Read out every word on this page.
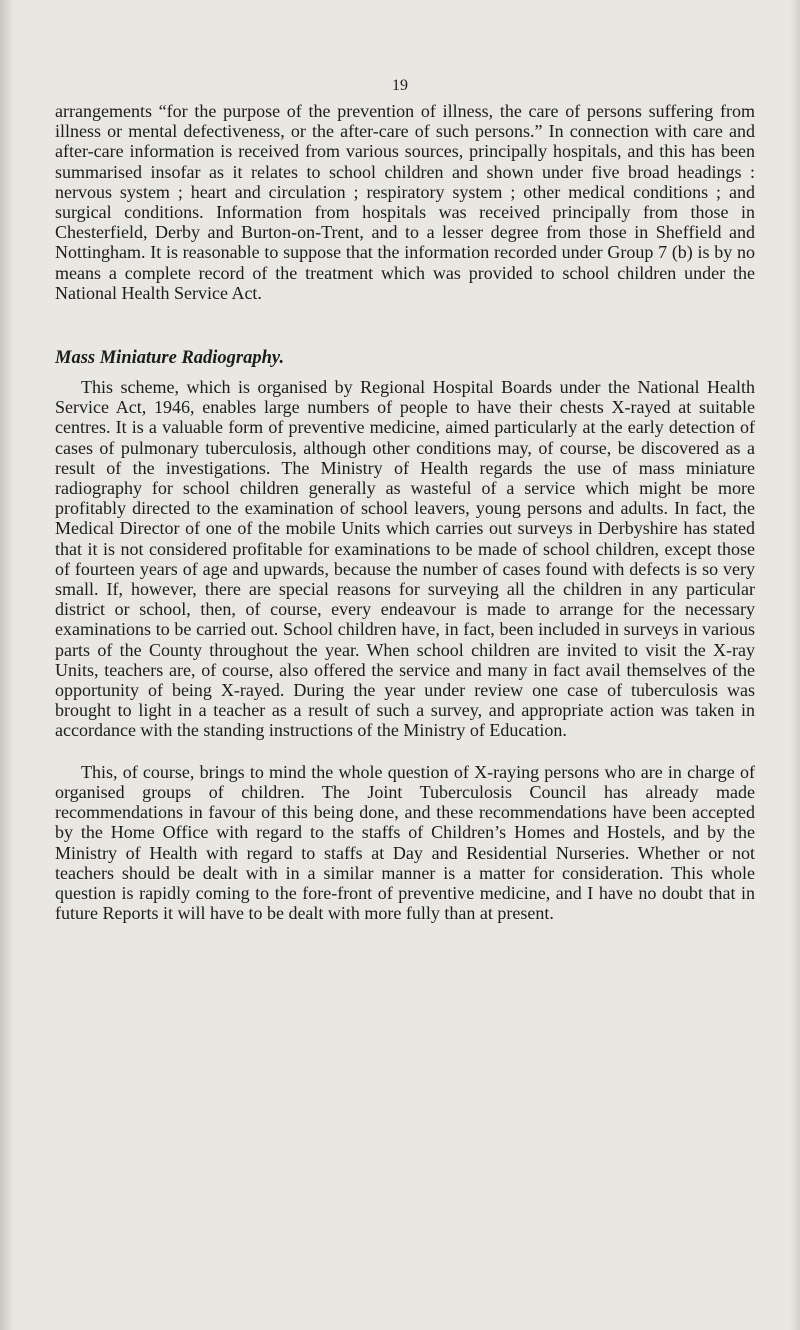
19

arrangements “for the purpose of the prevention of illness, the care of persons suffering from illness or mental defectiveness, or the after-care of such persons.” In connection with care and after-care information is received from various sources, principally hospitals, and this has been summarised insofar as it relates to school children and shown under five broad headings : nervous system ; heart and circulation ; respiratory system ; other medical conditions ; and surgical conditions. Information from hospitals was received principally from those in Chesterfield, Derby and Burton-on-Trent, and to a lesser degree from those in Sheffield and Nottingham. It is reasonable to suppose that the information recorded under Group 7 (b) is by no means a complete record of the treatment which was provided to school children under the National Health Service Act.

Mass Miniature Radiography.

This scheme, which is organised by Regional Hospital Boards under the National Health Service Act, 1946, enables large numbers of people to have their chests X-rayed at suitable centres. It is a valuable form of preventive medicine, aimed particularly at the early detection of cases of pulmonary tuberculosis, although other conditions may, of course, be discovered as a result of the investigations. The Ministry of Health regards the use of mass miniature radiography for school children generally as wasteful of a service which might be more profitably directed to the examination of school leavers, young persons and adults. In fact, the Medical Director of one of the mobile Units which carries out surveys in Derbyshire has stated that it is not considered profitable for examinations to be made of school children, except those of fourteen years of age and upwards, because the number of cases found with defects is so very small. If, however, there are special reasons for surveying all the children in any particular district or school, then, of course, every endeavour is made to arrange for the necessary examinations to be carried out. School children have, in fact, been included in surveys in various parts of the County throughout the year. When school children are invited to visit the X-ray Units, teachers are, of course, also offered the service and many in fact avail themselves of the opportunity of being X-rayed. During the year under review one case of tuberculosis was brought to light in a teacher as a result of such a survey, and appropriate action was taken in accordance with the standing instructions of the Ministry of Education.

This, of course, brings to mind the whole question of X-raying persons who are in charge of organised groups of children. The Joint Tuberculosis Council has already made recommendations in favour of this being done, and these recommendations have been accepted by the Home Office with regard to the staffs of Children’s Homes and Hostels, and by the Ministry of Health with regard to staffs at Day and Residential Nurseries. Whether or not teachers should be dealt with in a similar manner is a matter for consideration. This whole question is rapidly coming to the fore-front of preventive medicine, and I have no doubt that in future Reports it will have to be dealt with more fully than at present.
